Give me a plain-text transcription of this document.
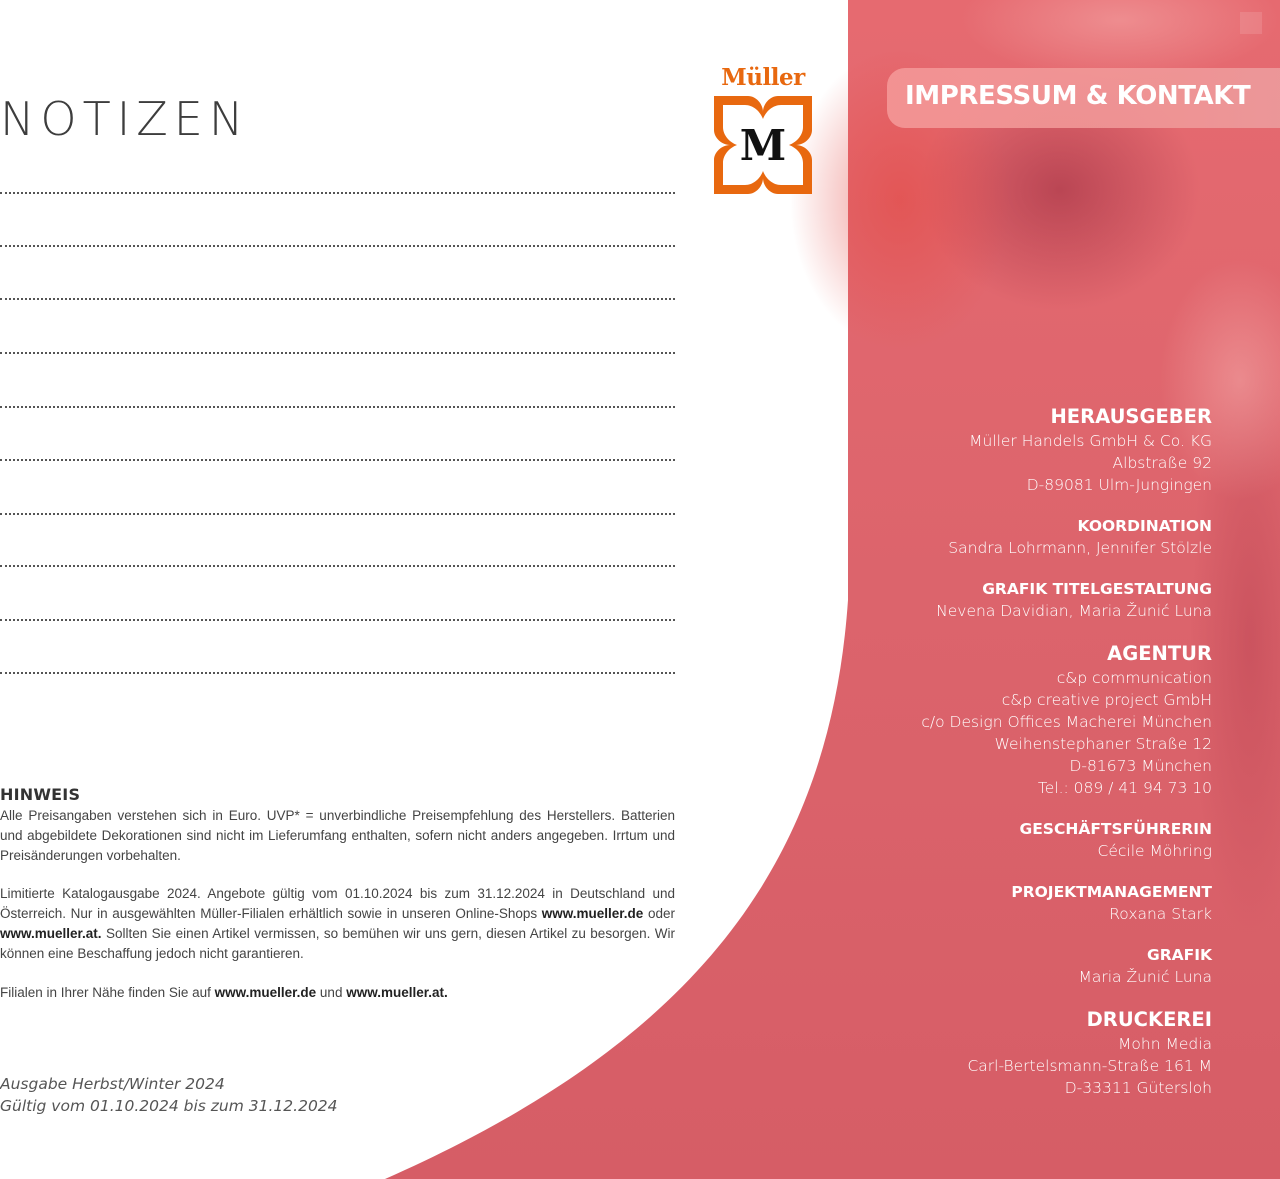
NOTIZEN
Müller
M
HINWEIS

Alle Preisangaben verstehen sich in Euro. UVP* = unverbindliche Preisempfehlung des Herstellers. Batterien und abgebildete Dekorationen sind nicht im Lieferumfang enthalten, sofern nicht anders angegeben. Irrtum und Preisänderungen vorbehalten.

Limitierte Katalogausgabe 2024. Angebote gültig vom 01.10.2024 bis zum 31.12.2024 in Deutschland und Österreich. Nur in ausgewählten Müller-Filialen erhältlich sowie in unseren Online-Shops www.mueller.de oder www.mueller.at. Sollten Sie einen Artikel vermissen, so bemühen wir uns gern, diesen Artikel zu besorgen. Wir können eine Beschaffung jedoch nicht garantieren.

Filialen in Ihrer Nähe finden Sie auf www.mueller.de und www.mueller.at.

Ausgabe Herbst/Winter 2024
Gültig vom 01.10.2024 bis zum 31.12.2024
IMPRESSUM & KONTAKT
HERAUSGEBER
Müller Handels GmbH & Co. KG
Albstraße 92
D-89081 Ulm-Jungingen
KOORDINATION
Sandra Lohrmann, Jennifer Stölzle
GRAFIK TITELGESTALTUNG
Nevena Davidian, Maria Žunić Luna
AGENTUR
c&p communication
c&p creative project GmbH
c/o Design Offices Macherei München
Weihenstephaner Straße 12
D-81673 München
Tel.: 089 / 41 94 73 10
GESCHÄFTSFÜHRERIN
Cécile Möhring
PROJEKTMANAGEMENT
Roxana Stark
GRAFIK
Maria Žunić Luna
DRUCKEREI
Mohn Media
Carl-Bertelsmann-Straße 161 M
D-33311 Gütersloh
